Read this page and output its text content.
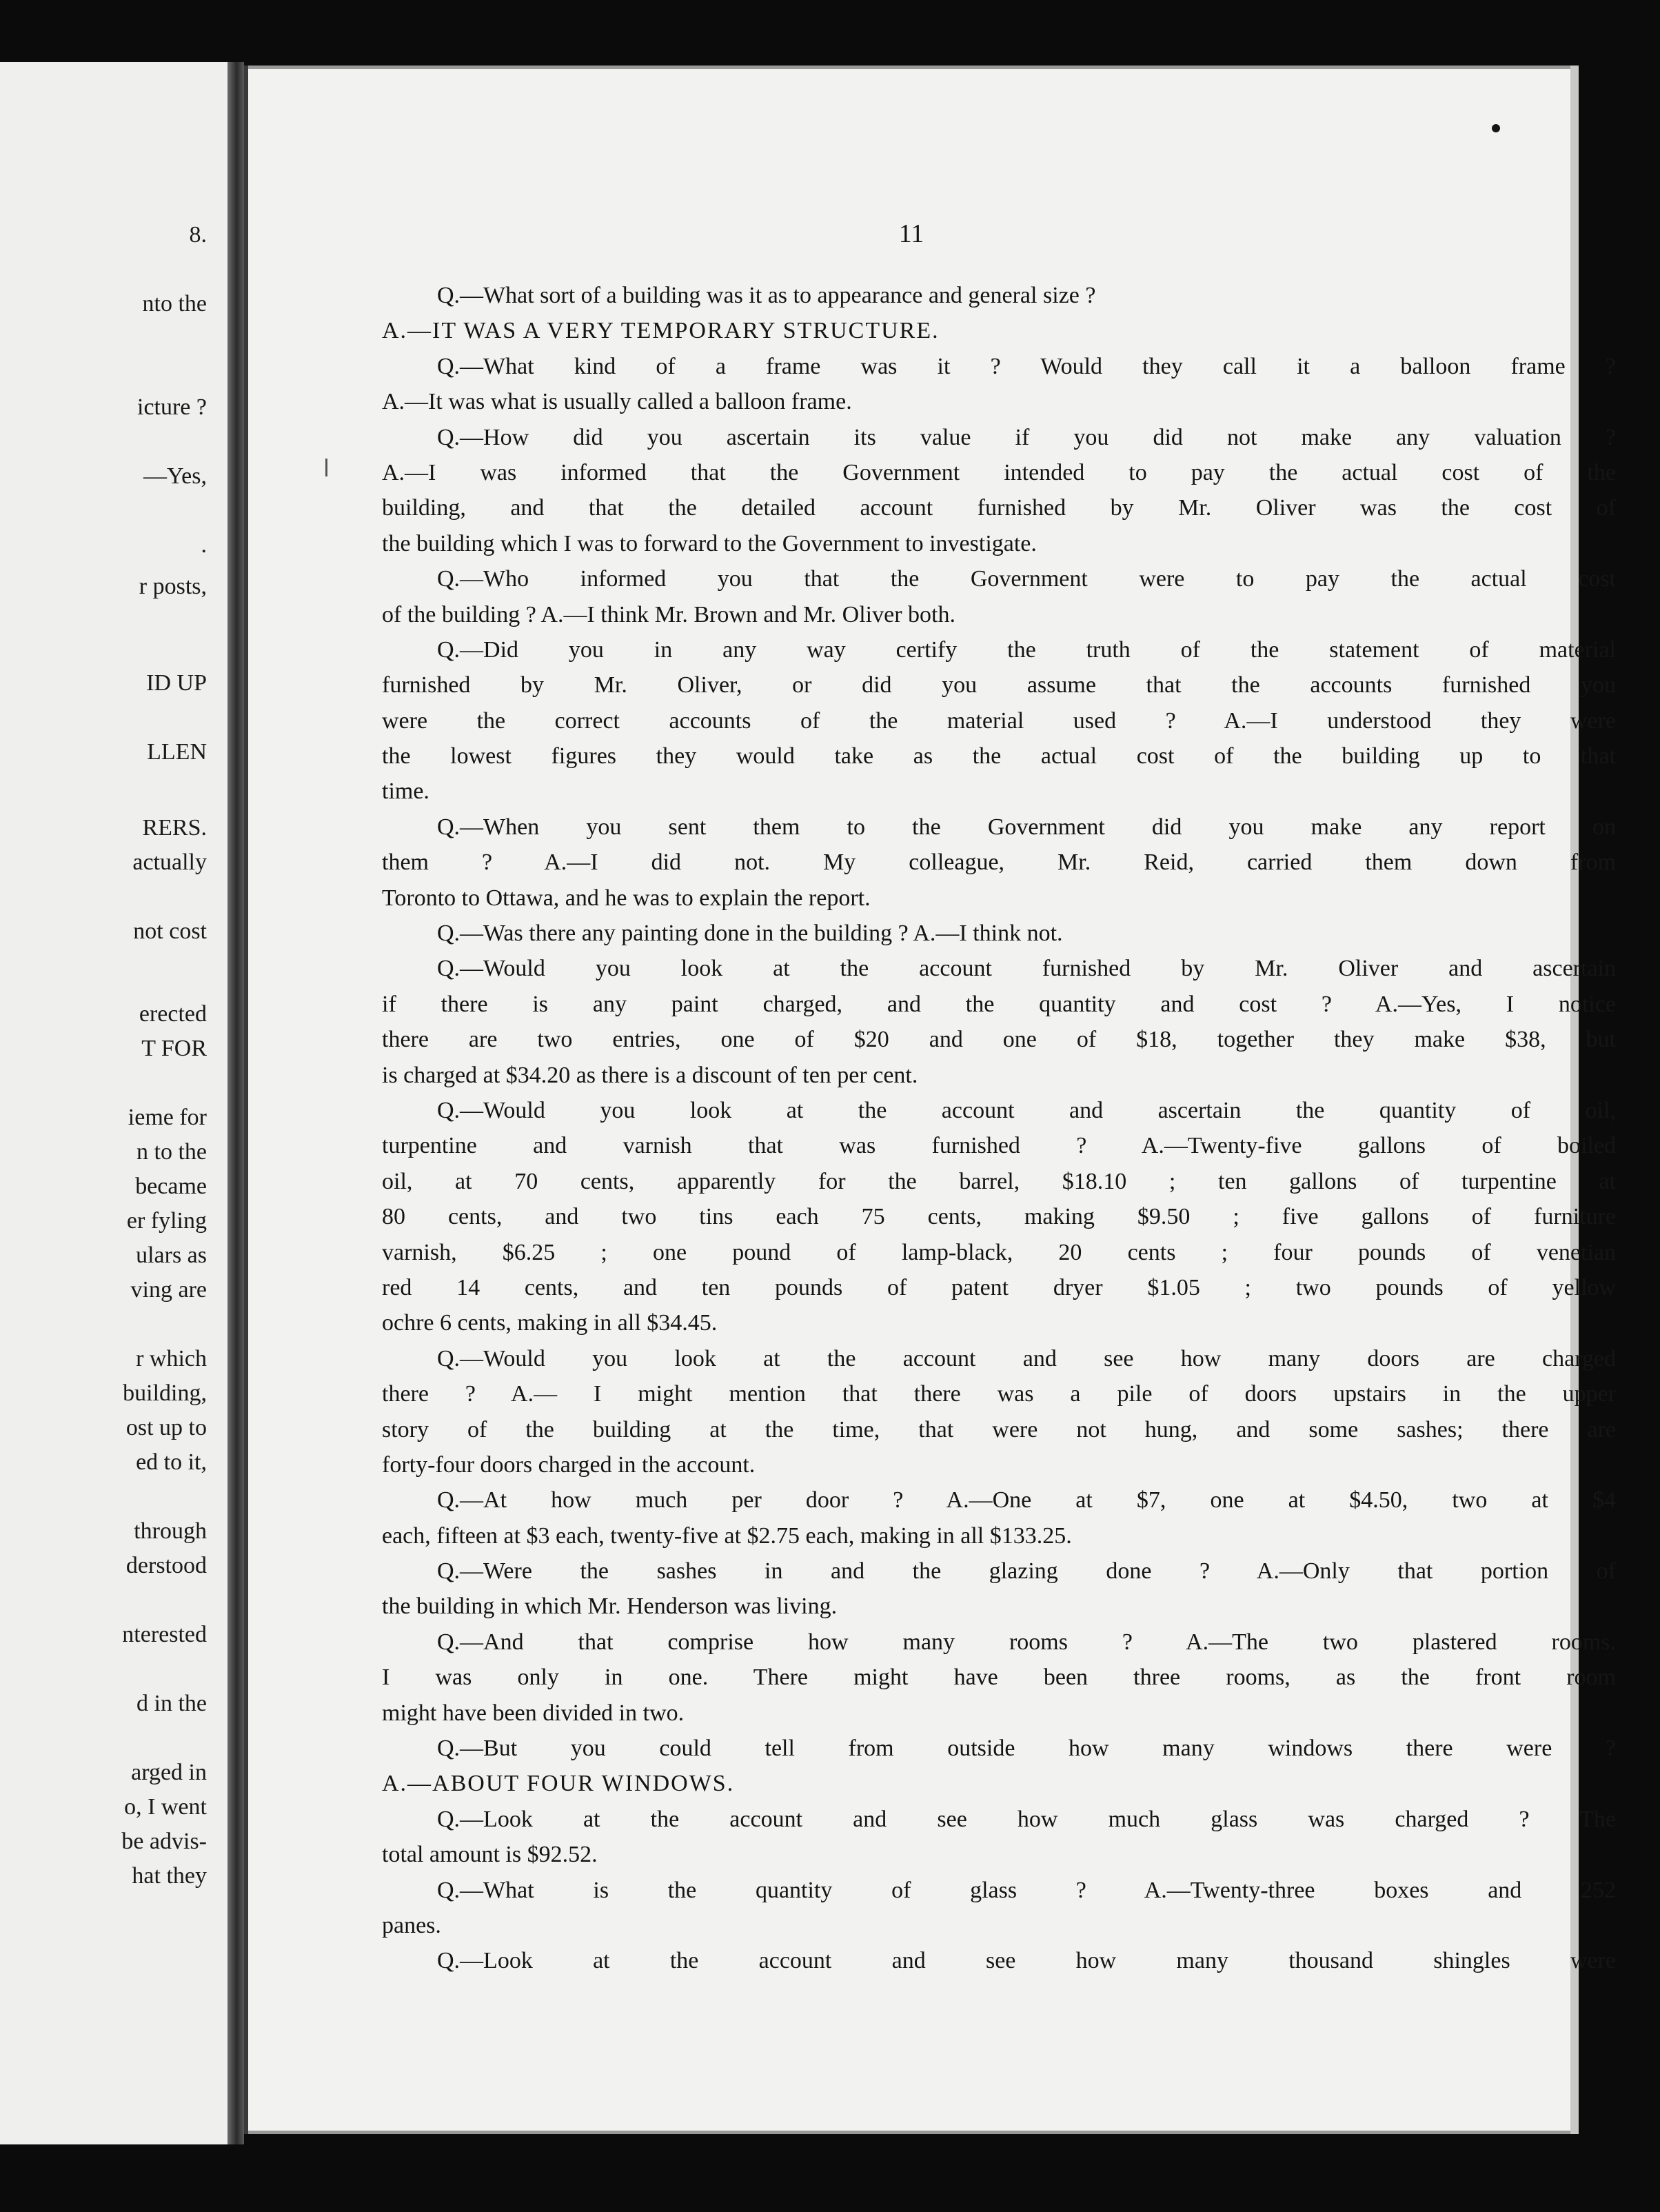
8.
nto the
icture ?
—Yes,
.
r posts,
ID UP
LLEN
RERS.
actually
not cost
erected
T FOR
ieme for
n to the
became
er fyling
ulars as
ving are
r which
building,
ost up to
ed to it,
through
derstood
nterested
d in the
arged in
o, I went
be advis-
hat they
11
Q.—What sort of a building was it as to appearance and general size ?
A.—IT WAS A VERY TEMPORARY STRUCTURE.
Q.—What kind of a frame was it ? Would they call it a balloon frame ?
A.—It was what is usually called a balloon frame.
Q.—How did you ascertain its value if you did not make any valuation ?
A.—I was informed that the Government intended to pay the actual cost of the
building, and that the detailed account furnished by Mr. Oliver was the cost of
the building which I was to forward to the Government to investigate.
Q.—Who informed you that the Government were to pay the actual cost
of the building ? A.—I think Mr. Brown and Mr. Oliver both.
Q.—Did you in any way certify the truth of the statement of material
furnished by Mr. Oliver, or did you assume that the accounts furnished you
were the correct accounts of the material used ? A.—I understood they were
the lowest figures they would take as the actual cost of the building up to that
time.
Q.—When you sent them to the Government did you make any report on
them ? A.—I did not. My colleague, Mr. Reid, carried them down from
Toronto to Ottawa, and he was to explain the report.
Q.—Was there any painting done in the building ? A.—I think not.
Q.—Would you look at the account furnished by Mr. Oliver and ascertain
if there is any paint charged, and the quantity and cost ? A.—Yes, I notice
there are two entries, one of $20 and one of $18, together they make $38, but
is charged at $34.20 as there is a discount of ten per cent.
Q.—Would you look at the account and ascertain the quantity of oil,
turpentine and varnish that was furnished ? A.—Twenty-five gallons of boiled
oil, at 70 cents, apparently for the barrel, $18.10 ; ten gallons of turpentine at
80 cents, and two tins each 75 cents, making $9.50 ; five gallons of furniture
varnish, $6.25 ; one pound of lamp-black, 20 cents ; four pounds of venetian
red 14 cents, and ten pounds of patent dryer $1.05 ; two pounds of yellow
ochre 6 cents, making in all $34.45.
Q.—Would you look at the account and see how many doors are charged
there ? A.— I might mention that there was a pile of doors upstairs in the upper
story of the building at the time, that were not hung, and some sashes; there are
forty-four doors charged in the account.
Q.—At how much per door ? A.—One at $7, one at $4.50, two at $4
each, fifteen at $3 each, twenty-five at $2.75 each, making in all $133.25.
Q.—Were the sashes in and the glazing done ? A.—Only that portion of
the building in which Mr. Henderson was living.
Q.—And that comprise how many rooms ? A.—The two plastered rooms.
I was only in one. There might have been three rooms, as the front room
might have been divided in two.
Q.—But you could tell from outside how many windows there were ?
A.—ABOUT FOUR WINDOWS.
Q.—Look at the account and see how much glass was charged ? The
total amount is $92.52.
Q.—What is the quantity of glass ? A.—Twenty-three boxes and 252
panes.
Q.—Look at the account and see how many thousand shingles were
